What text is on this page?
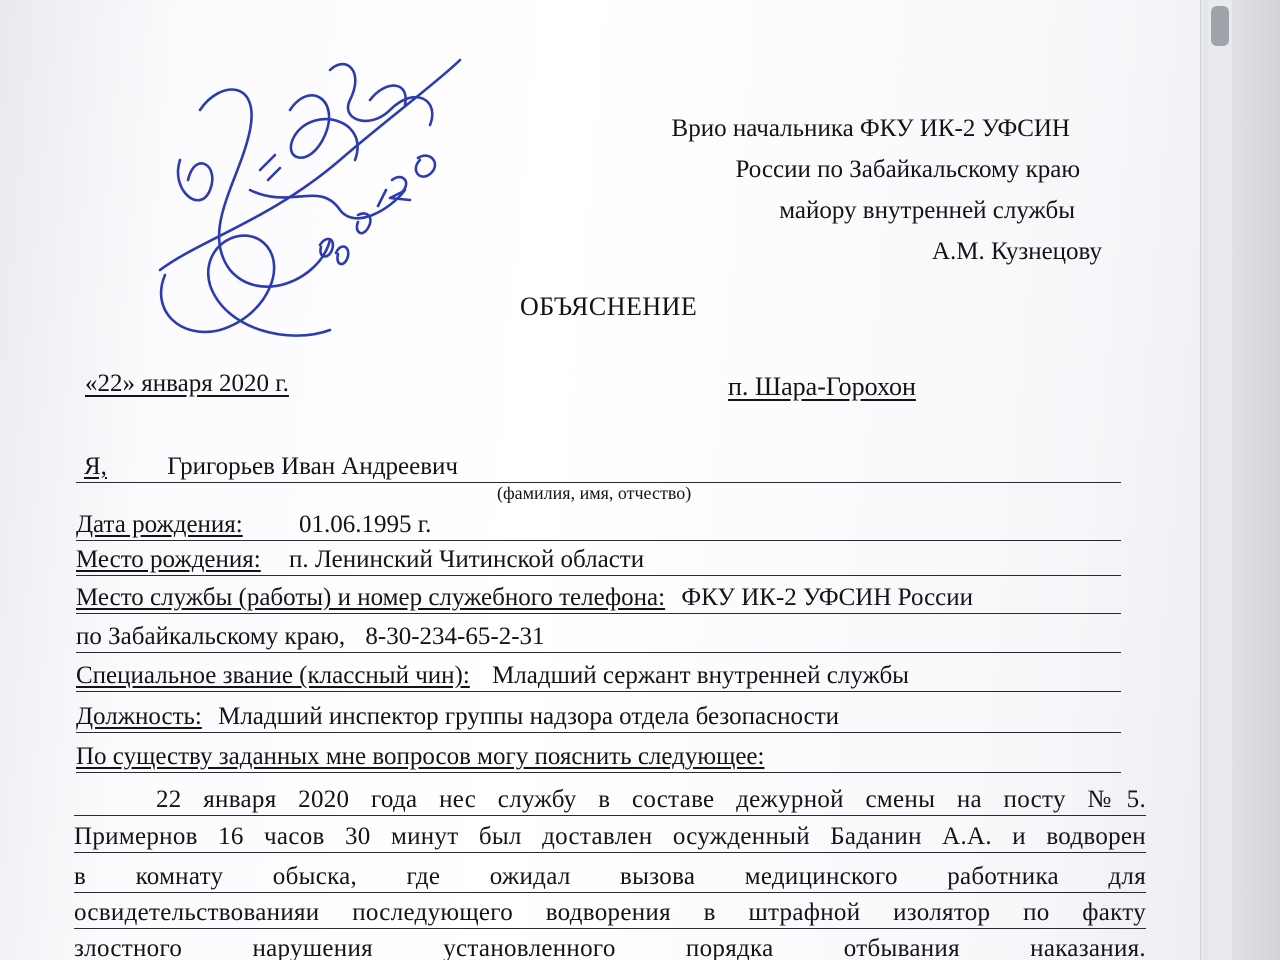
Врио начальника ФКУ ИК-2 УФСИН
России по Забайкальскому краю
майору внутренней службы
А.М. Кузнецову
ОБЪЯСНЕНИЕ
«22» января 2020 г.	п. Шара-Горохон
Я, Григорьев Иван Андреевич
(фамилия, имя, отчество)
Дата рождения: 01.06.1995 г.
Место рождения: п. Ленинский Читинской области
Место службы (работы) и номер служебного телефона: ФКУ ИК-2 УФСИН России
по Забайкальскому краю, 8-30-234-65-2-31
Специальное звание (классный чин): Младший сержант внутренней службы
Должность: Младший инспектор группы надзора отдела безопасности
По существу заданных мне вопросов могу пояснить следующее:
22 января 2020 года нес службу в составе дежурной смены на посту №5.
Примернов 16 часов 30 минут был доставлен осужденный Баданин А.А. и водворен
в комнату обыска, где ожидал вызова медицинского работника для
освидетельствованияи последующего водворения в штрафной изолятор по факту
злостного нарушения установленного порядка отбывания наказания.
